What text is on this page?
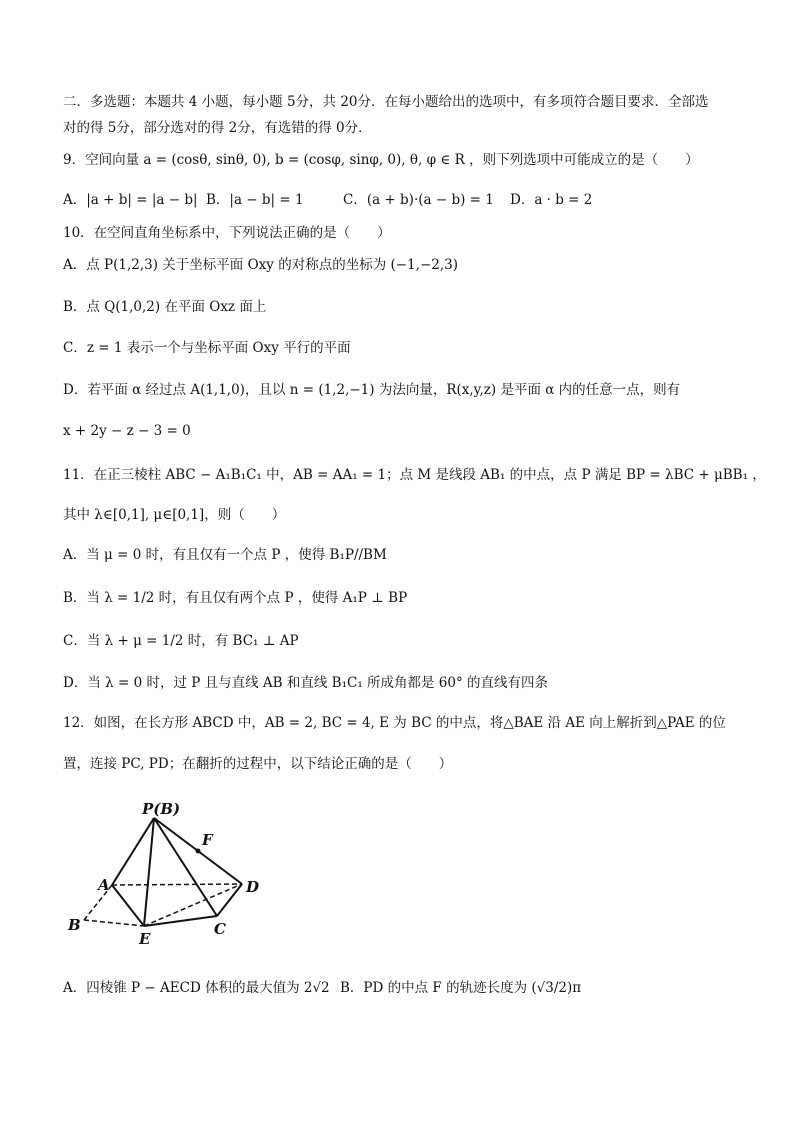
二．多选题：本题共 4 小题，每小题 5分，共 20分．在每小题给出的选项中，有多项符合题目要求．全部选
对的得 5分，部分选对的得 2分，有选错的得 0分．
9．空间向量 a = (cosθ, sinθ, 0), b = (cosφ, sinφ, 0), θ, φ ∈ R ，则下列选项中可能成立的是（　　）
A．|a + b| = |a − b| B．|a − b| = 1	C．(a + b)·(a − b) = 1 D．a · b = 2
10．在空间直角坐标系中，下列说法正确的是（　　）
A．点 P(1,2,3) 关于坐标平面 Oxy 的对称点的坐标为 (−1,−2,3)
B．点 Q(1,0,2) 在平面 Oxz 面上
C．z = 1 表示一个与坐标平面 Oxy 平行的平面
D．若平面 α 经过点 A(1,1,0)，且以 n = (1,2,−1) 为法向量，R(x,y,z) 是平面 α 内的任意一点，则有
x + 2y − z − 3 = 0
11．在正三棱柱 ABC − A₁B₁C₁ 中，AB = AA₁ = 1；点 M 是线段 AB₁ 的中点，点 P 满足 BP = λBC + μBB₁ ，
其中 λ∈[0,1], μ∈[0,1]，则（　　）
A．当 μ = 0 时，有且仅有一个点 P ，使得 B₁P//BM
B．当 λ = 1/2 时，有且仅有两个点 P ，使得 A₁P ⊥ BP
C．当 λ + μ = 1/2 时，有 BC₁ ⊥ AP
D．当 λ = 0 时，过 P 且与直线 AB 和直线 B₁C₁ 所成角都是 60° 的直线有四条
12．如图，在长方形 ABCD 中，AB = 2, BC = 4, E 为 BC 的中点，将△BAE 沿 AE 向上解折到△PAE 的位
置，连接 PC, PD；在翻折的过程中，以下结论正确的是（　　）
P(B)
F
A	D
B
E
C
A．四棱锥 P − AECD 体积的最大值为 2√2 B．PD 的中点 F 的轨迹长度为 (√3/2)π
